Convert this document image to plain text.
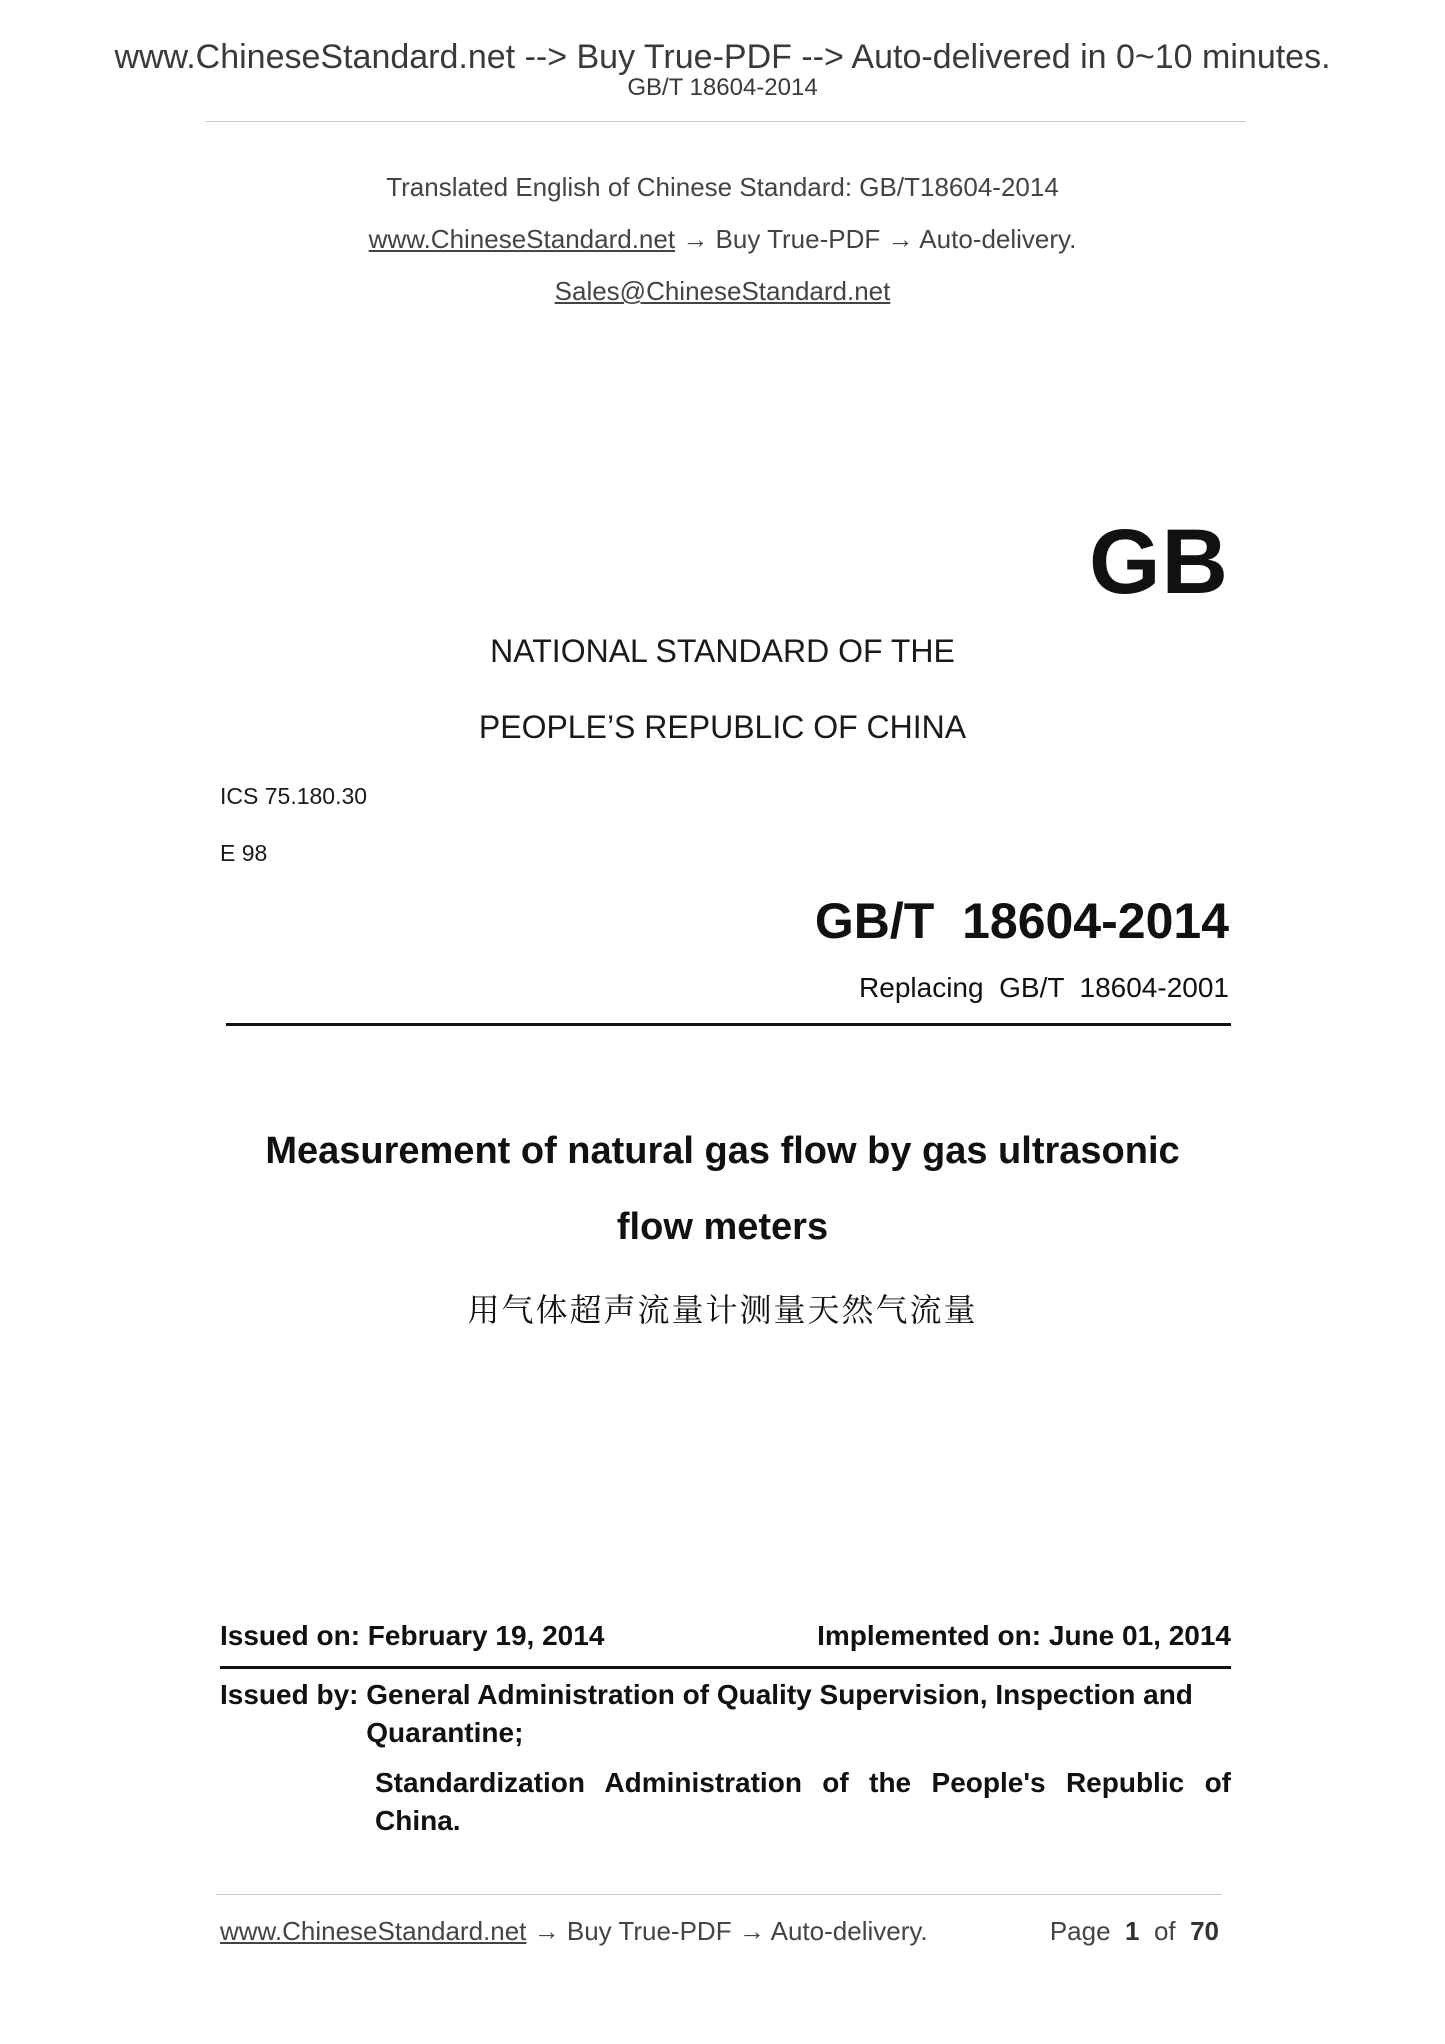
www.ChineseStandard.net --> Buy True-PDF --> Auto-delivered in 0~10 minutes.
GB/T 18604-2014
Translated English of Chinese Standard: GB/T18604-2014
www.ChineseStandard.net → Buy True-PDF → Auto-delivery.
Sales@ChineseStandard.net
GB
NATIONAL STANDARD OF THE
PEOPLE’S REPUBLIC OF CHINA
ICS 75.180.30
E 98
GB/T  18604-2014
Replacing  GB/T  18604-2001
Measurement of natural gas flow by gas ultrasonic
flow meters
用气体超声流量计测量天然气流量
Issued on: February 19, 2014	Implemented on: June 01, 2014
Issued by: General Administration of Quality Supervision, Inspection and Quarantine;
Standardization Administration of the People's Republic of China.
www.ChineseStandard.net → Buy True-PDF → Auto-delivery.	Page 1 of 70
